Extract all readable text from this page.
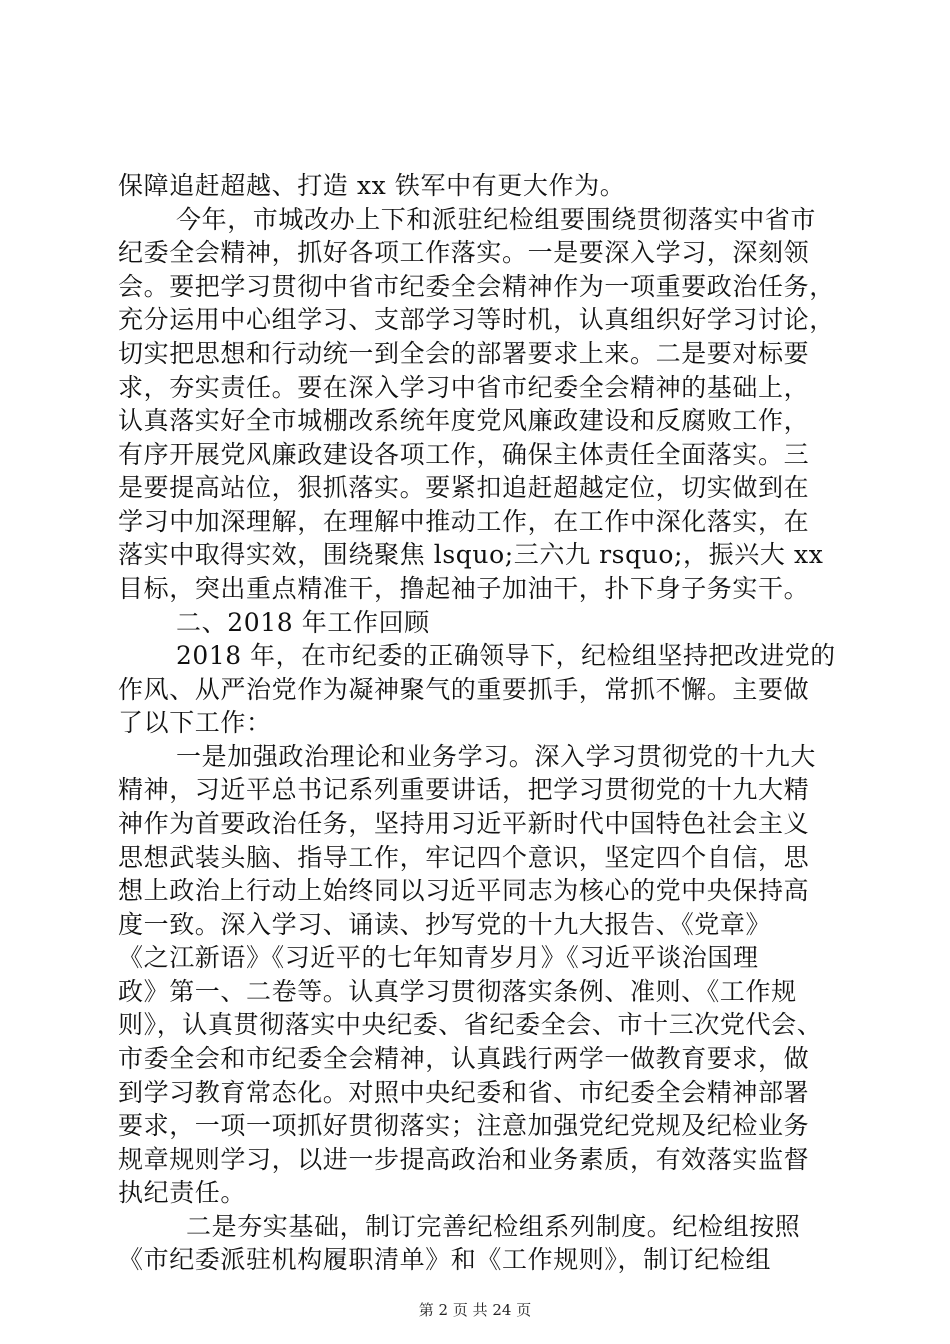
保障追赶超越、打造 xx 铁军中有更大作为。
今年，市城改办上下和派驻纪检组要围绕贯彻落实中省市
纪委全会精神，抓好各项工作落实。一是要深入学习，深刻领
会。要把学习贯彻中省市纪委全会精神作为一项重要政治任务，
充分运用中心组学习、支部学习等时机，认真组织好学习讨论，
切实把思想和行动统一到全会的部署要求上来。二是要对标要
求，夯实责任。要在深入学习中省市纪委全会精神的基础上，
认真落实好全市城棚改系统年度党风廉政建设和反腐败工作，
有序开展党风廉政建设各项工作，确保主体责任全面落实。三
是要提高站位，狠抓落实。要紧扣追赶超越定位，切实做到在
学习中加深理解，在理解中推动工作，在工作中深化落实，在
落实中取得实效，围绕聚焦 lsquo;三六九 rsquo;，振兴大 xx
目标，突出重点精准干，撸起袖子加油干，扑下身子务实干。
二、2018 年工作回顾
2018 年，在市纪委的正确领导下，纪检组坚持把改进党的
作风、从严治党作为凝神聚气的重要抓手，常抓不懈。主要做
了以下工作：
一是加强政治理论和业务学习。深入学习贯彻党的十九大
精神，习近平总书记系列重要讲话，把学习贯彻党的十九大精
神作为首要政治任务，坚持用习近平新时代中国特色社会主义
思想武装头脑、指导工作，牢记四个意识，坚定四个自信，思
想上政治上行动上始终同以习近平同志为核心的党中央保持高
度一致。深入学习、诵读、抄写党的十九大报告、《党章》
《之江新语》《习近平的七年知青岁月》《习近平谈治国理
政》第一、二卷等。认真学习贯彻落实条例、准则、《工作规
则》，认真贯彻落实中央纪委、省纪委全会、市十三次党代会、
市委全会和市纪委全会精神，认真践行两学一做教育要求，做
到学习教育常态化。对照中央纪委和省、市纪委全会精神部署
要求，一项一项抓好贯彻落实；注意加强党纪党规及纪检业务
规章规则学习，以进一步提高政治和业务素质，有效落实监督
执纪责任。
二是夯实基础，制订完善纪检组系列制度。纪检组按照
《市纪委派驻机构履职清单》和《工作规则》，制订纪检组
第 2 页 共 24 页
